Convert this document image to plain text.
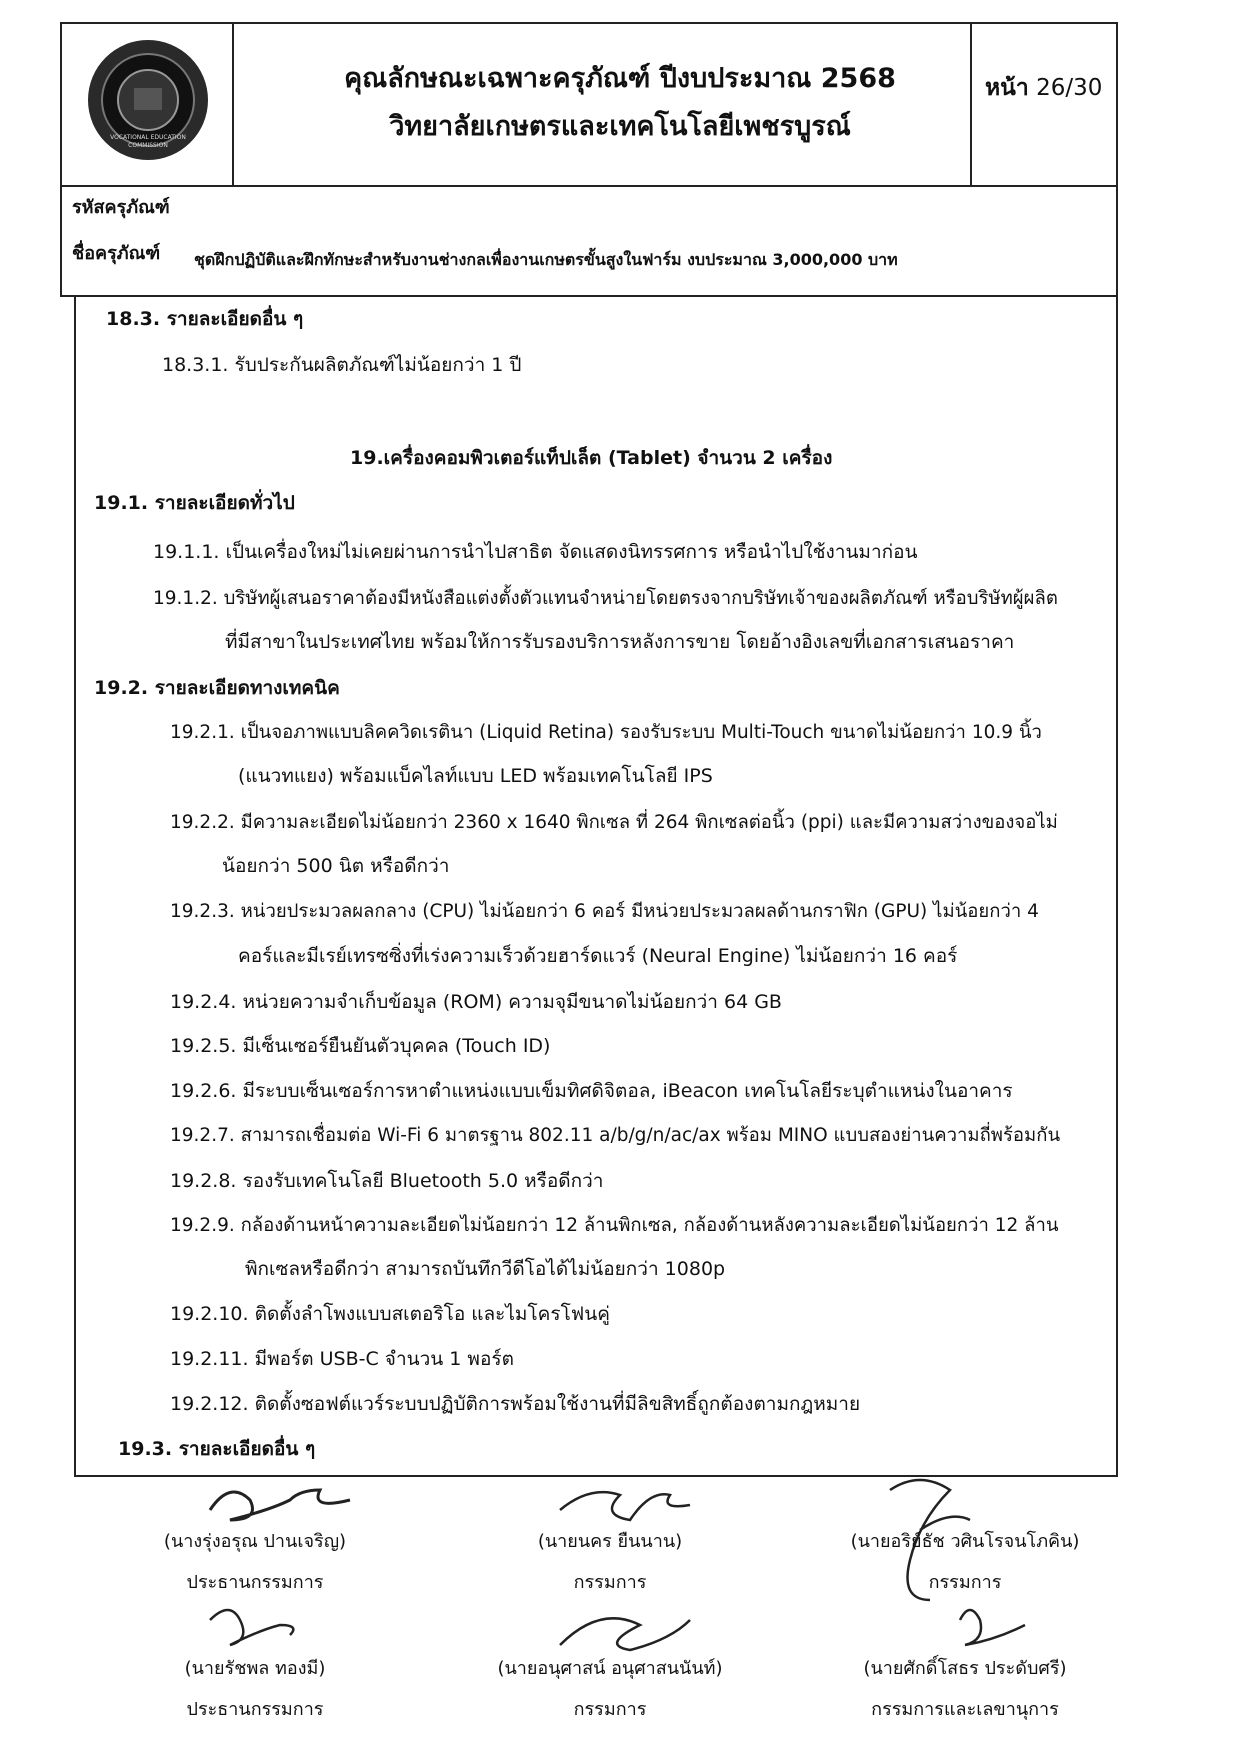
VOCATIONAL EDUCATION COMMISSION
คุณลักษณะเฉพาะครุภัณฑ์ ปีงบประมาณ 2568
วิทยาลัยเกษตรและเทคโนโลยีเพชรบูรณ์
หน้า 26/30
รหัสครุภัณฑ์
ชื่อครุภัณฑ์ ชุดฝึกปฏิบัติและฝึกทักษะสำหรับงานช่างกลเพื่องานเกษตรขั้นสูงในฟาร์ม งบประมาณ 3,000,000 บาท
18.3. รายละเอียดอื่น ๆ
18.3.1. รับประกันผลิตภัณฑ์ไม่น้อยกว่า 1 ปี
19.เครื่องคอมพิวเตอร์แท็ปเล็ต (Tablet) จำนวน 2 เครื่อง
19.1. รายละเอียดทั่วไป
19.1.1. เป็นเครื่องใหม่ไม่เคยผ่านการนำไปสาธิต จัดแสดงนิทรรศการ หรือนำไปใช้งานมาก่อน
19.1.2. บริษัทผู้เสนอราคาต้องมีหนังสือแต่งตั้งตัวแทนจำหน่ายโดยตรงจากบริษัทเจ้าของผลิตภัณฑ์ หรือบริษัทผู้ผลิต
ที่มีสาขาในประเทศไทย พร้อมให้การรับรองบริการหลังการขาย โดยอ้างอิงเลขที่เอกสารเสนอราคา
19.2. รายละเอียดทางเทคนิค
19.2.1. เป็นจอภาพแบบลิคควิดเรตินา (Liquid Retina) รองรับระบบ Multi-Touch ขนาดไม่น้อยกว่า 10.9 นิ้ว
(แนวทแยง) พร้อมแบ็คไลท์แบบ LED พร้อมเทคโนโลยี IPS
19.2.2. มีความละเอียดไม่น้อยกว่า 2360 x 1640 พิกเซล ที่ 264 พิกเซลต่อนิ้ว (ppi) และมีความสว่างของจอไม่
น้อยกว่า 500 นิต หรือดีกว่า
19.2.3. หน่วยประมวลผลกลาง (CPU) ไม่น้อยกว่า 6 คอร์ มีหน่วยประมวลผลด้านกราฟิก (GPU) ไม่น้อยกว่า 4
คอร์และมีเรย์เทรซซิ่งที่เร่งความเร็วด้วยฮาร์ดแวร์ (Neural Engine) ไม่น้อยกว่า 16 คอร์
19.2.4. หน่วยความจำเก็บข้อมูล (ROM) ความจุมีขนาดไม่น้อยกว่า 64 GB
19.2.5. มีเซ็นเซอร์ยืนยันตัวบุคคล (Touch ID)
19.2.6. มีระบบเซ็นเซอร์การหาตำแหน่งแบบเข็มทิศดิจิตอล, iBeacon เทคโนโลยีระบุตำแหน่งในอาคาร
19.2.7. สามารถเชื่อมต่อ Wi-Fi 6 มาตรฐาน 802.11 a/b/g/n/ac/ax พร้อม MINO แบบสองย่านความถี่พร้อมกัน
19.2.8. รองรับเทคโนโลยี Bluetooth 5.0 หรือดีกว่า
19.2.9. กล้องด้านหน้าความละเอียดไม่น้อยกว่า 12 ล้านพิกเซล, กล้องด้านหลังความละเอียดไม่น้อยกว่า 12 ล้าน
พิกเซลหรือดีกว่า สามารถบันทึกวีดีโอได้ไม่น้อยกว่า 1080p
19.2.10. ติดตั้งลำโพงแบบสเตอริโอ และไมโครโฟนคู่
19.2.11. มีพอร์ต USB-C จำนวน 1 พอร์ต
19.2.12. ติดตั้งซอฟต์แวร์ระบบปฏิบัติการพร้อมใช้งานที่มีลิขสิทธิ์ถูกต้องตามกฎหมาย
19.3. รายละเอียดอื่น ๆ
(นางรุ่งอรุณ ปานเจริญ)
ประธานกรรมการ
(นายนคร ยืนนาน)
กรรมการ
(นายอริย์ธัช วศินโรจนโภคิน)
กรรมการ
(นายรัชพล ทองมี)
ประธานกรรมการ
(นายอนุศาสน์ อนุศาสนนันท์)
กรรมการ
(นายศักดิ์โสธร ประดับศรี)
กรรมการและเลขานุการ
